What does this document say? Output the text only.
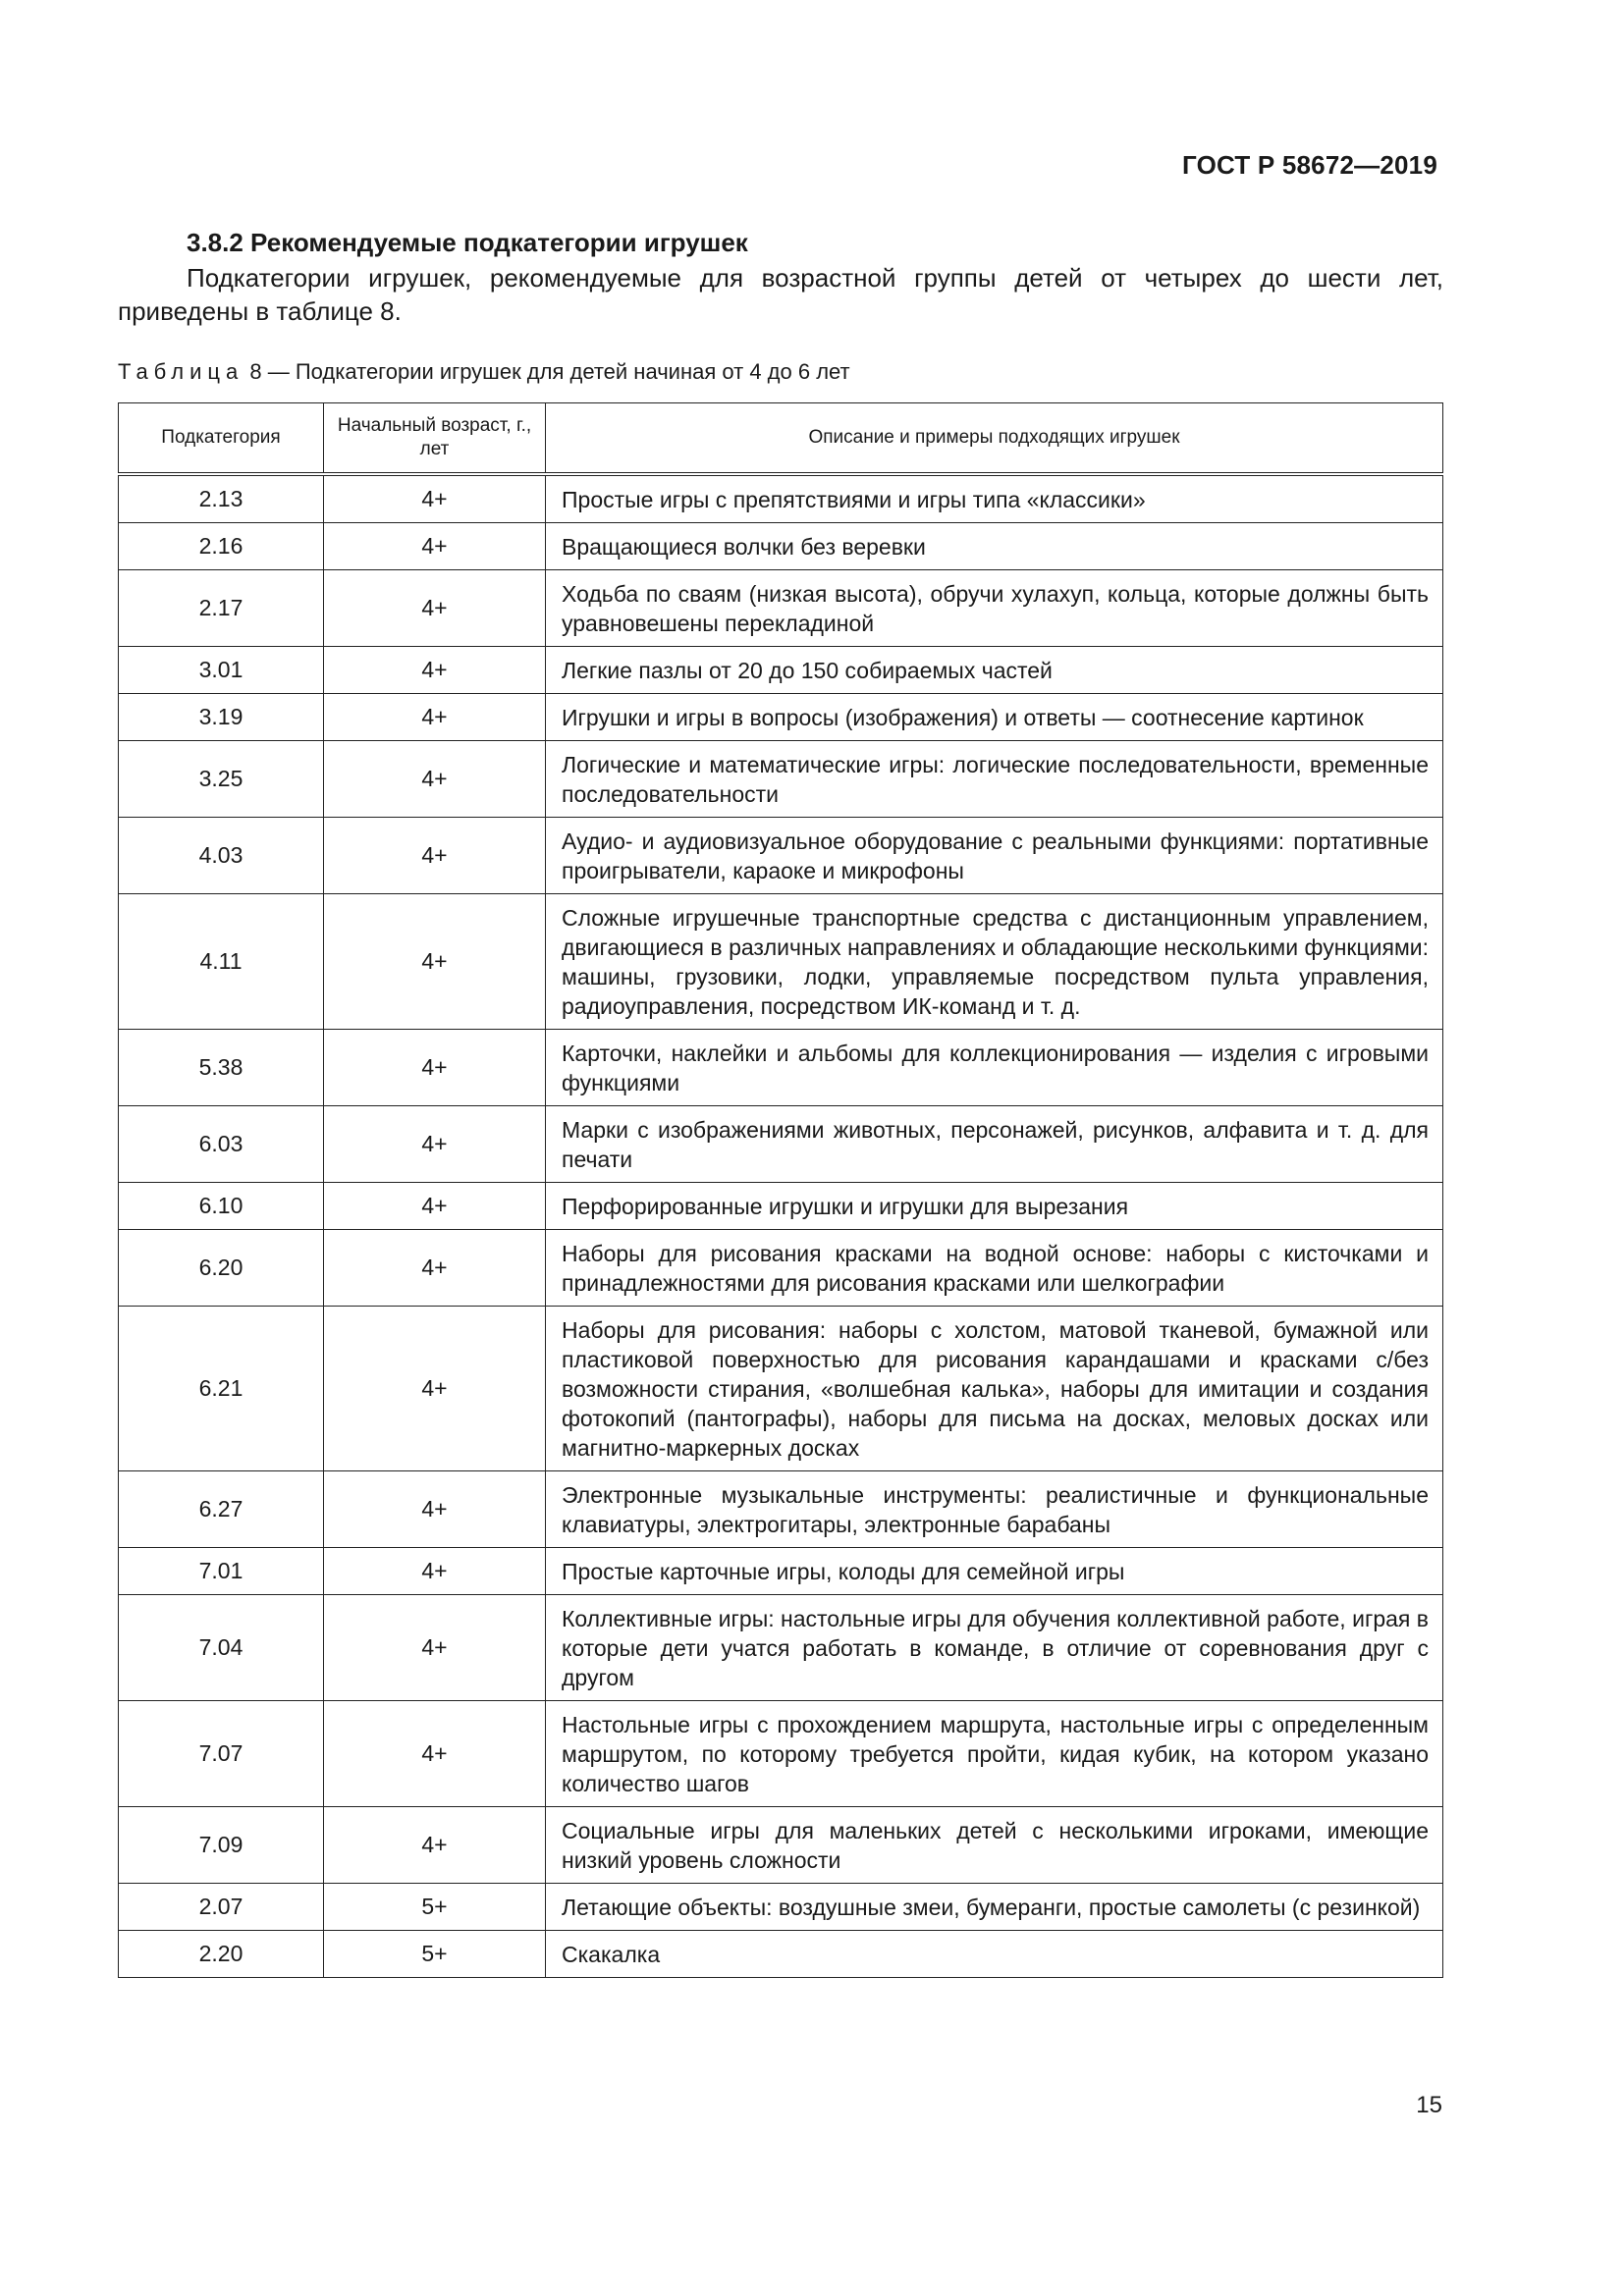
ГОСТ Р 58672—2019
3.8.2 Рекомендуемые подкатегории игрушек

Подкатегории игрушек, рекомендуемые для возрастной группы детей от четырех до шести лет, приведены в таблице 8.

Таблица 8 — Подкатегории игрушек для детей начиная от 4 до 6 лет
Подкатегория	Начальный возраст, г., лет	Описание и примеры подходящих игрушек
2.13	4+	Простые игры с препятствиями и игры типа «классики»
2.16	4+	Вращающиеся волчки без веревки
2.17	4+	Ходьба по сваям (низкая высота), обручи хулахуп, кольца, которые должны быть уравновешены перекладиной
3.01	4+	Легкие пазлы от 20 до 150 собираемых частей
3.19	4+	Игрушки и игры в вопросы (изображения) и ответы — соотнесение картинок
3.25	4+	Логические и математические игры: логические последовательности, временные последовательности
4.03	4+	Аудио- и аудиовизуальное оборудование с реальными функциями: портативные проигрыватели, караоке и микрофоны
4.11	4+	Сложные игрушечные транспортные средства с дистанционным управлением, двигающиеся в различных направлениях и обладающие несколькими функциями: машины, грузовики, лодки, управляемые посредством пульта управления, радиоуправления, посредством ИК-команд и т. д.
5.38	4+	Карточки, наклейки и альбомы для коллекционирования — изделия с игровыми функциями
6.03	4+	Марки с изображениями животных, персонажей, рисунков, алфавита и т. д. для печати
6.10	4+	Перфорированные игрушки и игрушки для вырезания
6.20	4+	Наборы для рисования красками на водной основе: наборы с кисточками и принадлежностями для рисования красками или шелкографии
6.21	4+	Наборы для рисования: наборы с холстом, матовой тканевой, бумажной или пластиковой поверхностью для рисования карандашами и красками с/без возможности стирания, «волшебная калька», наборы для имитации и создания фотокопий (пантографы), наборы для письма на досках, меловых досках или магнитно-маркерных досках
6.27	4+	Электронные музыкальные инструменты: реалистичные и функциональные клавиатуры, электрогитары, электронные барабаны
7.01	4+	Простые карточные игры, колоды для семейной игры
7.04	4+	Коллективные игры: настольные игры для обучения коллективной работе, играя в которые дети учатся работать в команде, в отличие от соревнования друг с другом
7.07	4+	Настольные игры с прохождением маршрута, настольные игры с определенным маршрутом, по которому требуется пройти, кидая кубик, на котором указано количество шагов
7.09	4+	Социальные игры для маленьких детей с несколькими игроками, имеющие низкий уровень сложности
2.07	5+	Летающие объекты: воздушные змеи, бумеранги, простые самолеты (с резинкой)
2.20	5+	Скакалка
15
